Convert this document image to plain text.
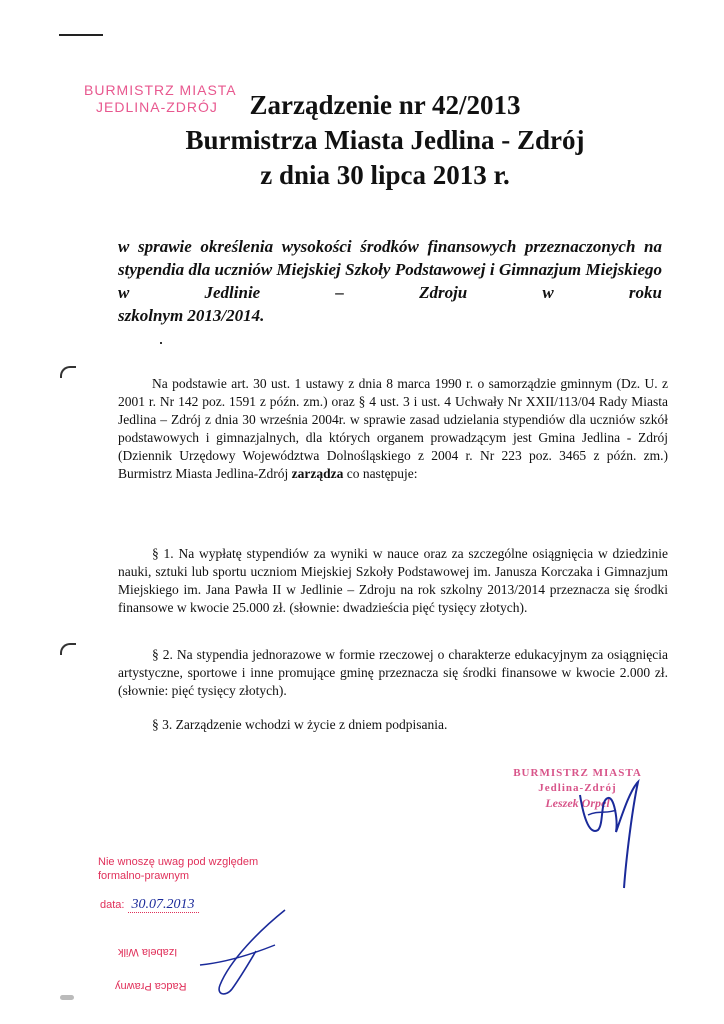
BURMISTRZ MIASTA
JEDLINA-ZDRÓJ	Zarządzenie nr 42/2013
Burmistrza Miasta Jedlina - Zdrój
z dnia 30 lipca 2013 r.
w sprawie określenia wysokości środków finansowych przeznaczonych na stypendia dla uczniów Miejskiej Szkoły Podstawowej i Gimnazjum Miejskiego w Jedlinie – Zdroju w roku
szkolnym 2013/2014.
Na podstawie art. 30 ust. 1 ustawy z dnia 8 marca 1990 r. o samorządzie gminnym (Dz. U. z 2001 r. Nr 142 poz. 1591 z późn. zm.) oraz § 4 ust. 3 i ust. 4 Uchwały Nr XXII/113/04 Rady Miasta Jedlina – Zdrój z dnia 30 września 2004r. w sprawie zasad udzielania stypendiów dla uczniów szkół podstawowych i gimnazjalnych, dla których organem prowadzącym jest Gmina Jedlina - Zdrój (Dziennik Urzędowy Województwa Dolnośląskiego z 2004 r. Nr 223 poz. 3465 z późn. zm.) Burmistrz Miasta Jedlina-Zdrój zarządza co następuje:
§ 1. Na wypłatę stypendiów za wyniki w nauce oraz za szczególne osiągnięcia w dziedzinie nauki, sztuki lub sportu uczniom Miejskiej Szkoły Podstawowej im. Janusza Korczaka i Gimnazjum Miejskiego im. Jana Pawła II w Jedlinie – Zdroju na rok szkolny 2013/2014 przeznacza się środki finansowe w kwocie 25.000 zł. (słownie: dwadzieścia pięć tysięcy złotych).
§ 2. Na stypendia jednorazowe w formie rzeczowej o charakterze edukacyjnym za osiągnięcia artystyczne, sportowe i inne promujące gminę przeznacza się środki finansowe w kwocie 2.000 zł. (słownie: pięć tysięcy złotych).
§ 3. Zarządzenie wchodzi w życie z dniem podpisania.
BURMISTRZ MIASTA
Jedlina-Zdrój
Leszek Orpel
Nie wnoszę uwag pod względem
formalno-prawnym
data: 30.07.2013
Izabela Wilk
Radca Prawny
